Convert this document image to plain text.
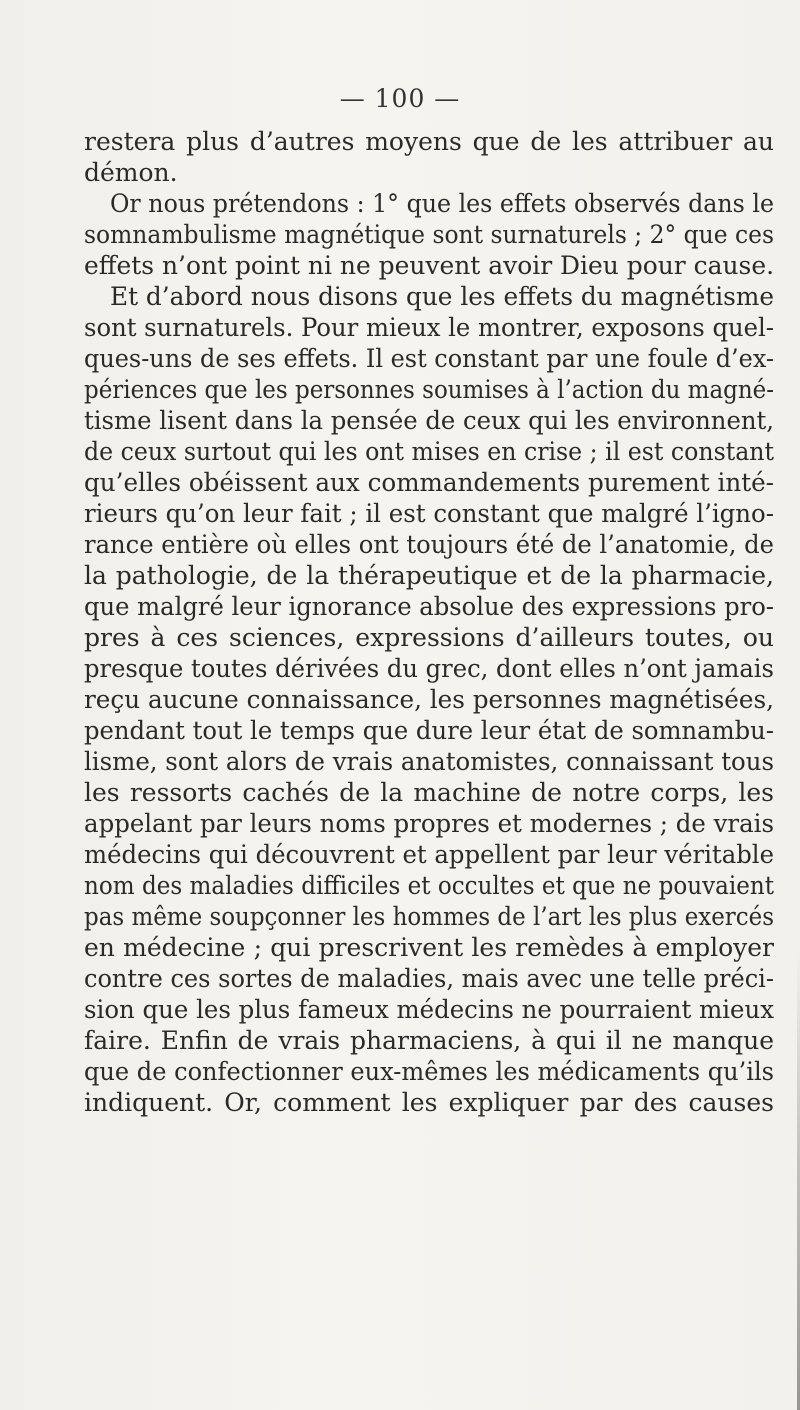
— 100 —
restera plus d’autres moyens que de les attribuer au
démon.
Or nous prétendons : 1° que les effets observés dans le
somnambulisme magnétique sont surnaturels ; 2° que ces
effets n’ont point ni ne peuvent avoir Dieu pour cause.
Et d’abord nous disons que les effets du magnétisme
sont surnaturels. Pour mieux le montrer, exposons quel-
ques-uns de ses effets. Il est constant par une foule d’ex-
périences que les personnes soumises à l’action du magné-
tisme lisent dans la pensée de ceux qui les environnent,
de ceux surtout qui les ont mises en crise ; il est constant
qu’elles obéissent aux commandements purement inté-
rieurs qu’on leur fait ; il est constant que malgré l’igno-
rance entière où elles ont toujours été de l’anatomie, de
la pathologie, de la thérapeutique et de la pharmacie,
que malgré leur ignorance absolue des expressions pro-
pres à ces sciences, expressions d’ailleurs toutes, ou
presque toutes dérivées du grec, dont elles n’ont jamais
reçu aucune connaissance, les personnes magnétisées,
pendant tout le temps que dure leur état de somnambu-
lisme, sont alors de vrais anatomistes, connaissant tous
les ressorts cachés de la machine de notre corps, les
appelant par leurs noms propres et modernes ; de vrais
médecins qui découvrent et appellent par leur véritable
nom des maladies difficiles et occultes et que ne pouvaient
pas même soupçonner les hommes de l’art les plus exercés
en médecine ; qui prescrivent les remèdes à employer
contre ces sortes de maladies, mais avec une telle préci-
sion que les plus fameux médecins ne pourraient mieux
faire. Enfin de vrais pharmaciens, à qui il ne manque
que de confectionner eux-mêmes les médicaments qu’ils
indiquent. Or, comment les expliquer par des causes
